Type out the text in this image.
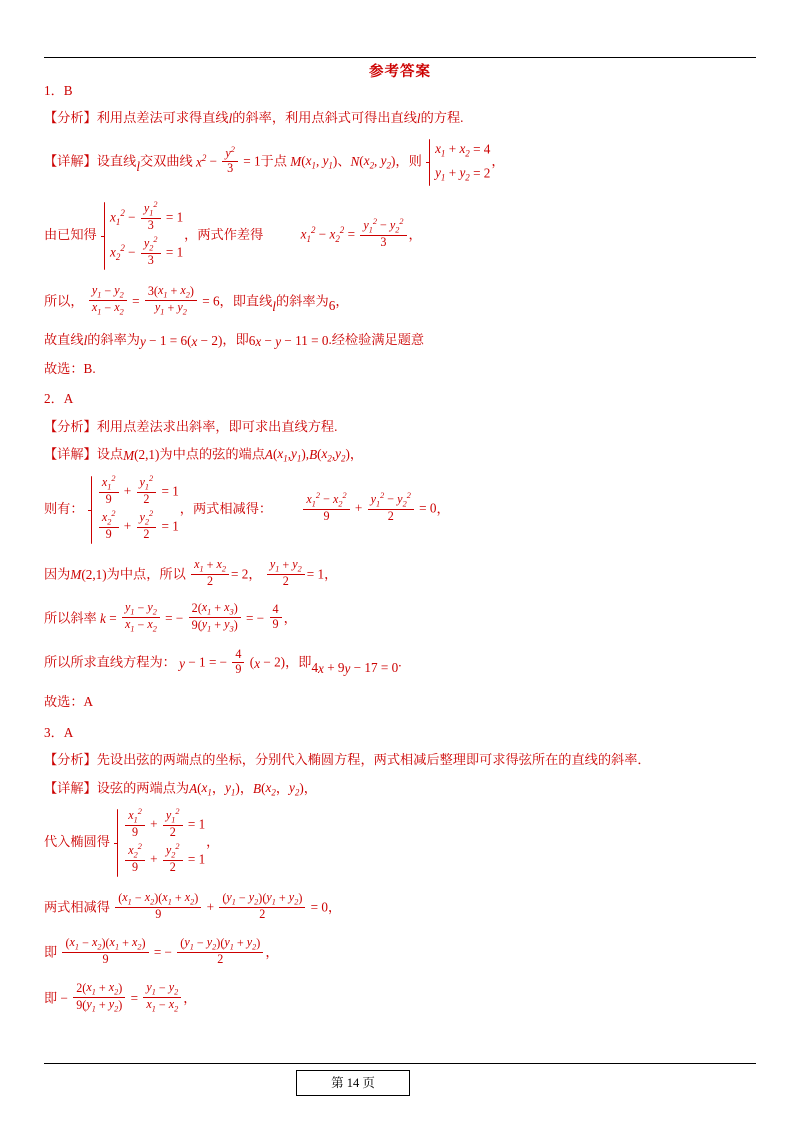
参考答案
1．B
【分析】利用点差法可求得直线l的斜率，利用点斜式可得出直线l的方程.
【详解】设直线l交双曲线 $x^2 - \frac{y^2}{3} = 1$于点 $M(x_1$, $y_1$)、$N(x_2$, $y_2$)，则
$x_1 + x_2 = 4$
$y_1 + y_2 = 2$
，
由已知得
$x_1^2 - \frac{y_1^2}{3} = 1$
$x_2^2 - \frac{y_2^2}{3} = 1$
，两式作差得	$x_1^2 - x_2^2 = \frac{y_1^2 - y_2^2}{3}$ ，
所以， $\frac{y_1 - y_2}{x_1 - x_2} = \frac{3(x_1 + x_2)}{y_1 + y_2} = 6$，即直线l的斜率为6，
故直线l的斜率为y − 1 = 6(x − 2)，即6x − y − 11 = 0.经检验满足题意
故选：B.
2．A
【分析】利用点差法求出斜率，即可求出直线方程.
【详解】设点M(2,1)为中点的弦的端点$A(x_1,y_1),B(x_2,y_2)$，
则有：
$\frac{x_1^2}{9} + \frac{y_1^2}{2} = 1$
$\frac{x_2^2}{9} + \frac{y_2^2}{2} = 1$
，两式相减得：	$\frac{x_1^2 - x_2^2}{9} + \frac{y_1^2 - y_2^2}{2} = 0$，
因为M(2,1)为中点，所以 $\frac{x_1 + x_2}{2} = 2$， $\frac{y_1 + y_2}{2} = 1$，
所以斜率 $k = \frac{y_1 - y_2}{x_1 - x_2}$ = − $\frac{2(x_1 + x_3)}{9(y_1 + y_3)}$ = − $\frac{4}{9}$ ，
所以所求直线方程为： y − 1 = − $\frac{4}{9} (x - 2)$，即4x + 9y − 17 = 0.
故选：A
3．A
【分析】先设出弦的两端点的坐标，分别代入椭圆方程，两式相减后整理即可求得弦所在的直线的斜率．
【详解】设弦的两端点为$A(x_1$，$y_1$)，$B(x_2$，$y_2$)，
代入椭圆得
$\frac{x_1^2}{9} + \frac{y_1^2}{2} = 1$
$\frac{x_2^2}{9} + \frac{y_2^2}{2} = 1$
，
两式相减得 $\frac{(x_1 - x_2)(x_1 + x_2)}{9} + \frac{(y_1 - y_2)(y_1 + y_2)}{2} = 0$，
即 $\frac{(x_1 - x_2)(x_1 + x_2)}{9}$ = − $\frac{(y_1 - y_2)(y_1 + y_2)}{2}$ ，
即 − $\frac{2(x_1 + x_2)}{9(y_1 + y_2)} = \frac{y_1 - y_2}{x_1 - x_2}$ ，
第 14 页
